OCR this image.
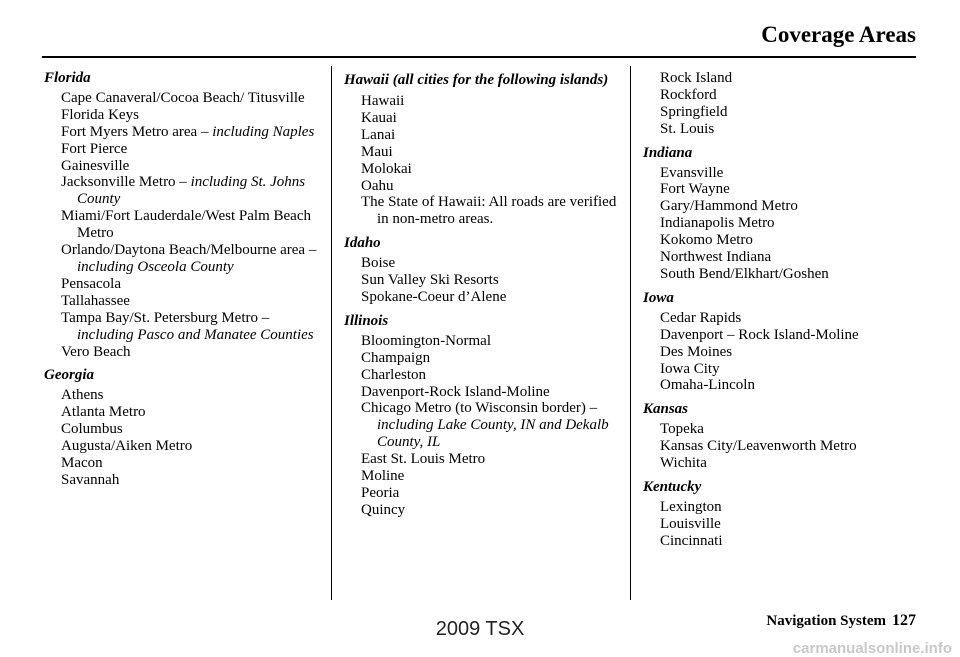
Coverage Areas
Florida
Cape Canaveral/Cocoa Beach/ Titusville
Florida Keys
Fort Myers Metro area – including Naples
Fort Pierce
Gainesville
Jacksonville Metro – including St. Johns County
Miami/Fort Lauderdale/West Palm Beach Metro
Orlando/Daytona Beach/Melbourne area – including Osceola County
Pensacola
Tallahassee
Tampa Bay/St. Petersburg Metro – including Pasco and Manatee Counties
Vero Beach
Georgia
Athens
Atlanta Metro
Columbus
Augusta/Aiken Metro
Macon
Savannah
Hawaii (all cities for the following islands)
Hawaii
Kauai
Lanai
Maui
Molokai
Oahu
The State of Hawaii: All roads are verified in non-metro areas.
Idaho
Boise
Sun Valley Ski Resorts
Spokane-Coeur d’Alene
Illinois
Bloomington-Normal
Champaign
Charleston
Davenport-Rock Island-Moline
Chicago Metro (to Wisconsin border) – including Lake County, IN and Dekalb County, IL
East St. Louis Metro
Moline
Peoria
Quincy
Rock Island
Rockford
Springfield
St. Louis
Indiana
Evansville
Fort Wayne
Gary/Hammond Metro
Indianapolis Metro
Kokomo Metro
Northwest Indiana
South Bend/Elkhart/Goshen
Iowa
Cedar Rapids
Davenport – Rock Island-Moline
Des Moines
Iowa City
Omaha-Lincoln
Kansas
Topeka
Kansas City/Leavenworth Metro
Wichita
Kentucky
Lexington
Louisville
Cincinnati
Navigation System 127
2009 TSX
carmanualsonline.info
